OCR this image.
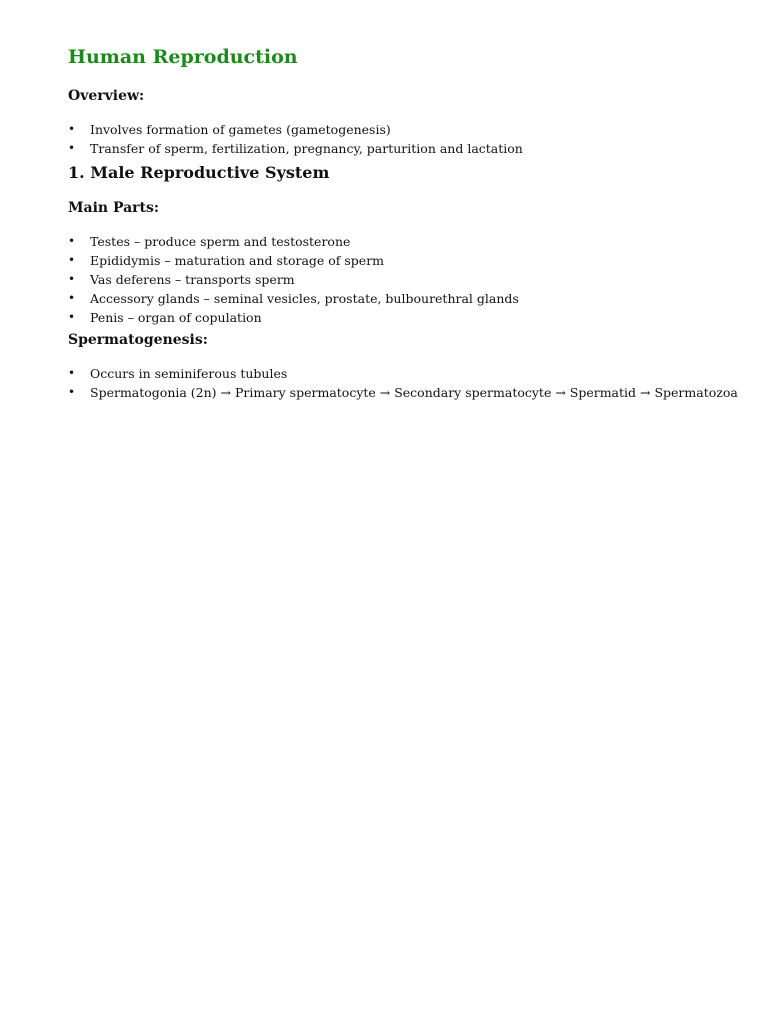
Human Reproduction
Overview:
• Involves formation of gametes (gametogenesis)
• Transfer of sperm, fertilization, pregnancy, parturition and lactation
1. Male Reproductive System
Main Parts:
• Testes – produce sperm and testosterone
• Epididymis – maturation and storage of sperm
• Vas deferens – transports sperm
• Accessory glands – seminal vesicles, prostate, bulbourethral glands
• Penis – organ of copulation
Spermatogenesis:
• Occurs in seminiferous tubules
• Spermatogonia (2n) → Primary spermatocyte → Secondary spermatocyte → Spermatid → Spermatozoa
